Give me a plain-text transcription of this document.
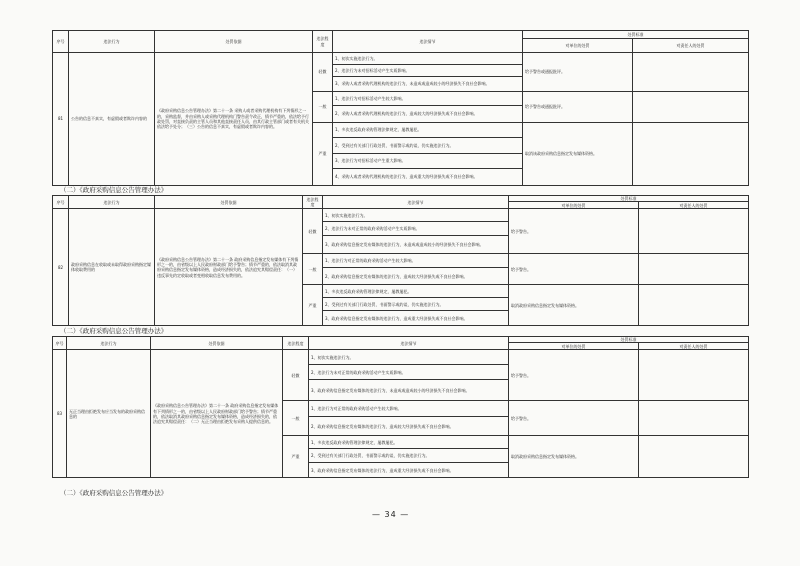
序号	违法行为	处罚依据	违法程度	违法情节	处罚标准	
					对单位的处罚	对责任人的处罚
81	公告的信息不真实，有虚假或者欺诈内容的	《政府采购信息公告管理办法》第二十一条 采购人或者采购代理机构有下列情形之一的，采购监督，并由采购人或采购代理机构门警告责令改正，情节严重的，依法给予行政处罚，对直接负责的主管人员和其他直接责任人员，由其行政主管部门或者有关机关依法给予处分；（三）公告的信息不真实，有虚假或者欺诈内容的。	轻微	1、初次实施违法行为。
2、违法行为未对招标活动产生实质影响。
3、采购人或者采购代理机构的违法行为，未造成或造成较小的经济损失不良社会影响。	给予警告或通报批评。	
			一般	1、违法行为对招标活动产生较大影响。
2、采购人或者采购代理机构的违法行为，造成较大的经济损失或不良社会影响。	给予警告或通报批评。	
			严重	1、多次违反政府采购管理法律规定，屡教屡犯。
2、受到过有关部门行政处罚，书面警示或约谈，仍实施违法行为。
3、违法行为对招标活动产生重大影响。
4、采购人或者采购代理机构的违法行为，造成重大的经济损失或不良社会影响。	取消该政府采购信息指定发布媒体资格。	
（二）《政府采购信息公告管理办法》
序号	违法行为	处罚依据	违法程度	违法情节	处罚标准	
					对单位的处罚	对责任人的处罚
82	政府采购信息在收取或未取得政府采购指定媒体收取费用的	《政府采购信息公告管理办法》第二十一条 政府采购信息指定发布媒体有下列情形之一的，由省级以上人民政府财政部门给予警告；情节严重的，依法取消其政府采购信息指定发布媒体资格，造成经济损失的，依法追究其赔偿责任：（一）违反事先约定收取或者变相收取信息发布费用的。	轻微	1、初次实施违法行为。
2、违法行为未对正常的政府采购活动产生实质影响。
3、政府采购信息指定发布媒体的违法行为，未造成或造成较小的经济损失不良社会影响。	给予警告。	
			一般	1、违法行为对正常的政府采购活动产生较大影响。
2、政府采购信息指定发布媒体的违法行为，造成较大经济损失或不良社会影响。	给予警告。	
			严重	1、多次违反政府采购管理法律规定，屡教屡犯。
2、受到过有关部门行政处罚，书面警示或约谈，仍实施违法行为。
3、政府采购信息指定发布媒体的违法行为，造成重大经济损失或不良社会影响。	取消政府采购信息指定发布媒体资格。	
（二）《政府采购信息公告管理办法》
序号	违法行为	处罚依据	违法程度	违法情节	处罚标准	
					对单位的处罚	对责任人的处罚
83	无正当理由拒绝发布应当发布的政府采购信息的	《政府采购信息公告管理办法》第二十一条 政府采购信息指定发布媒体有下列情形之一的，由省级以上人民政府财政部门给予警告；情节严重的，依法取消其政府采购信息指定发布媒体资格，造成经济损失的，依法追究其赔偿责任：（二）无正当理由拒绝发布采购人提供信息的。	轻微	1、初次实施违法行为。
2、违法行为未对正常的政府采购活动产生实质影响。
3、政府采购信息指定发布媒体的违法行为，未造成或造成较小的经济损失不良社会影响。	给予警告。	
			一般	1、违法行为对正常的政府采购活动产生较大影响。
2、政府采购信息指定发布媒体的违法行为，造成较大经济损失或不良社会影响。	给予警告。	
			严重	1、多次违反政府采购管理法律规定，屡教屡犯。
2、受到过有关部门行政处罚，书面警示或约谈，仍实施违法行为。
3、政府采购信息指定发布媒体的违法行为，造成重大经济损失或不良社会影响。	取消政府采购信息指定发布媒体资格。	
（二）《政府采购信息公告管理办法》
— 34 —
